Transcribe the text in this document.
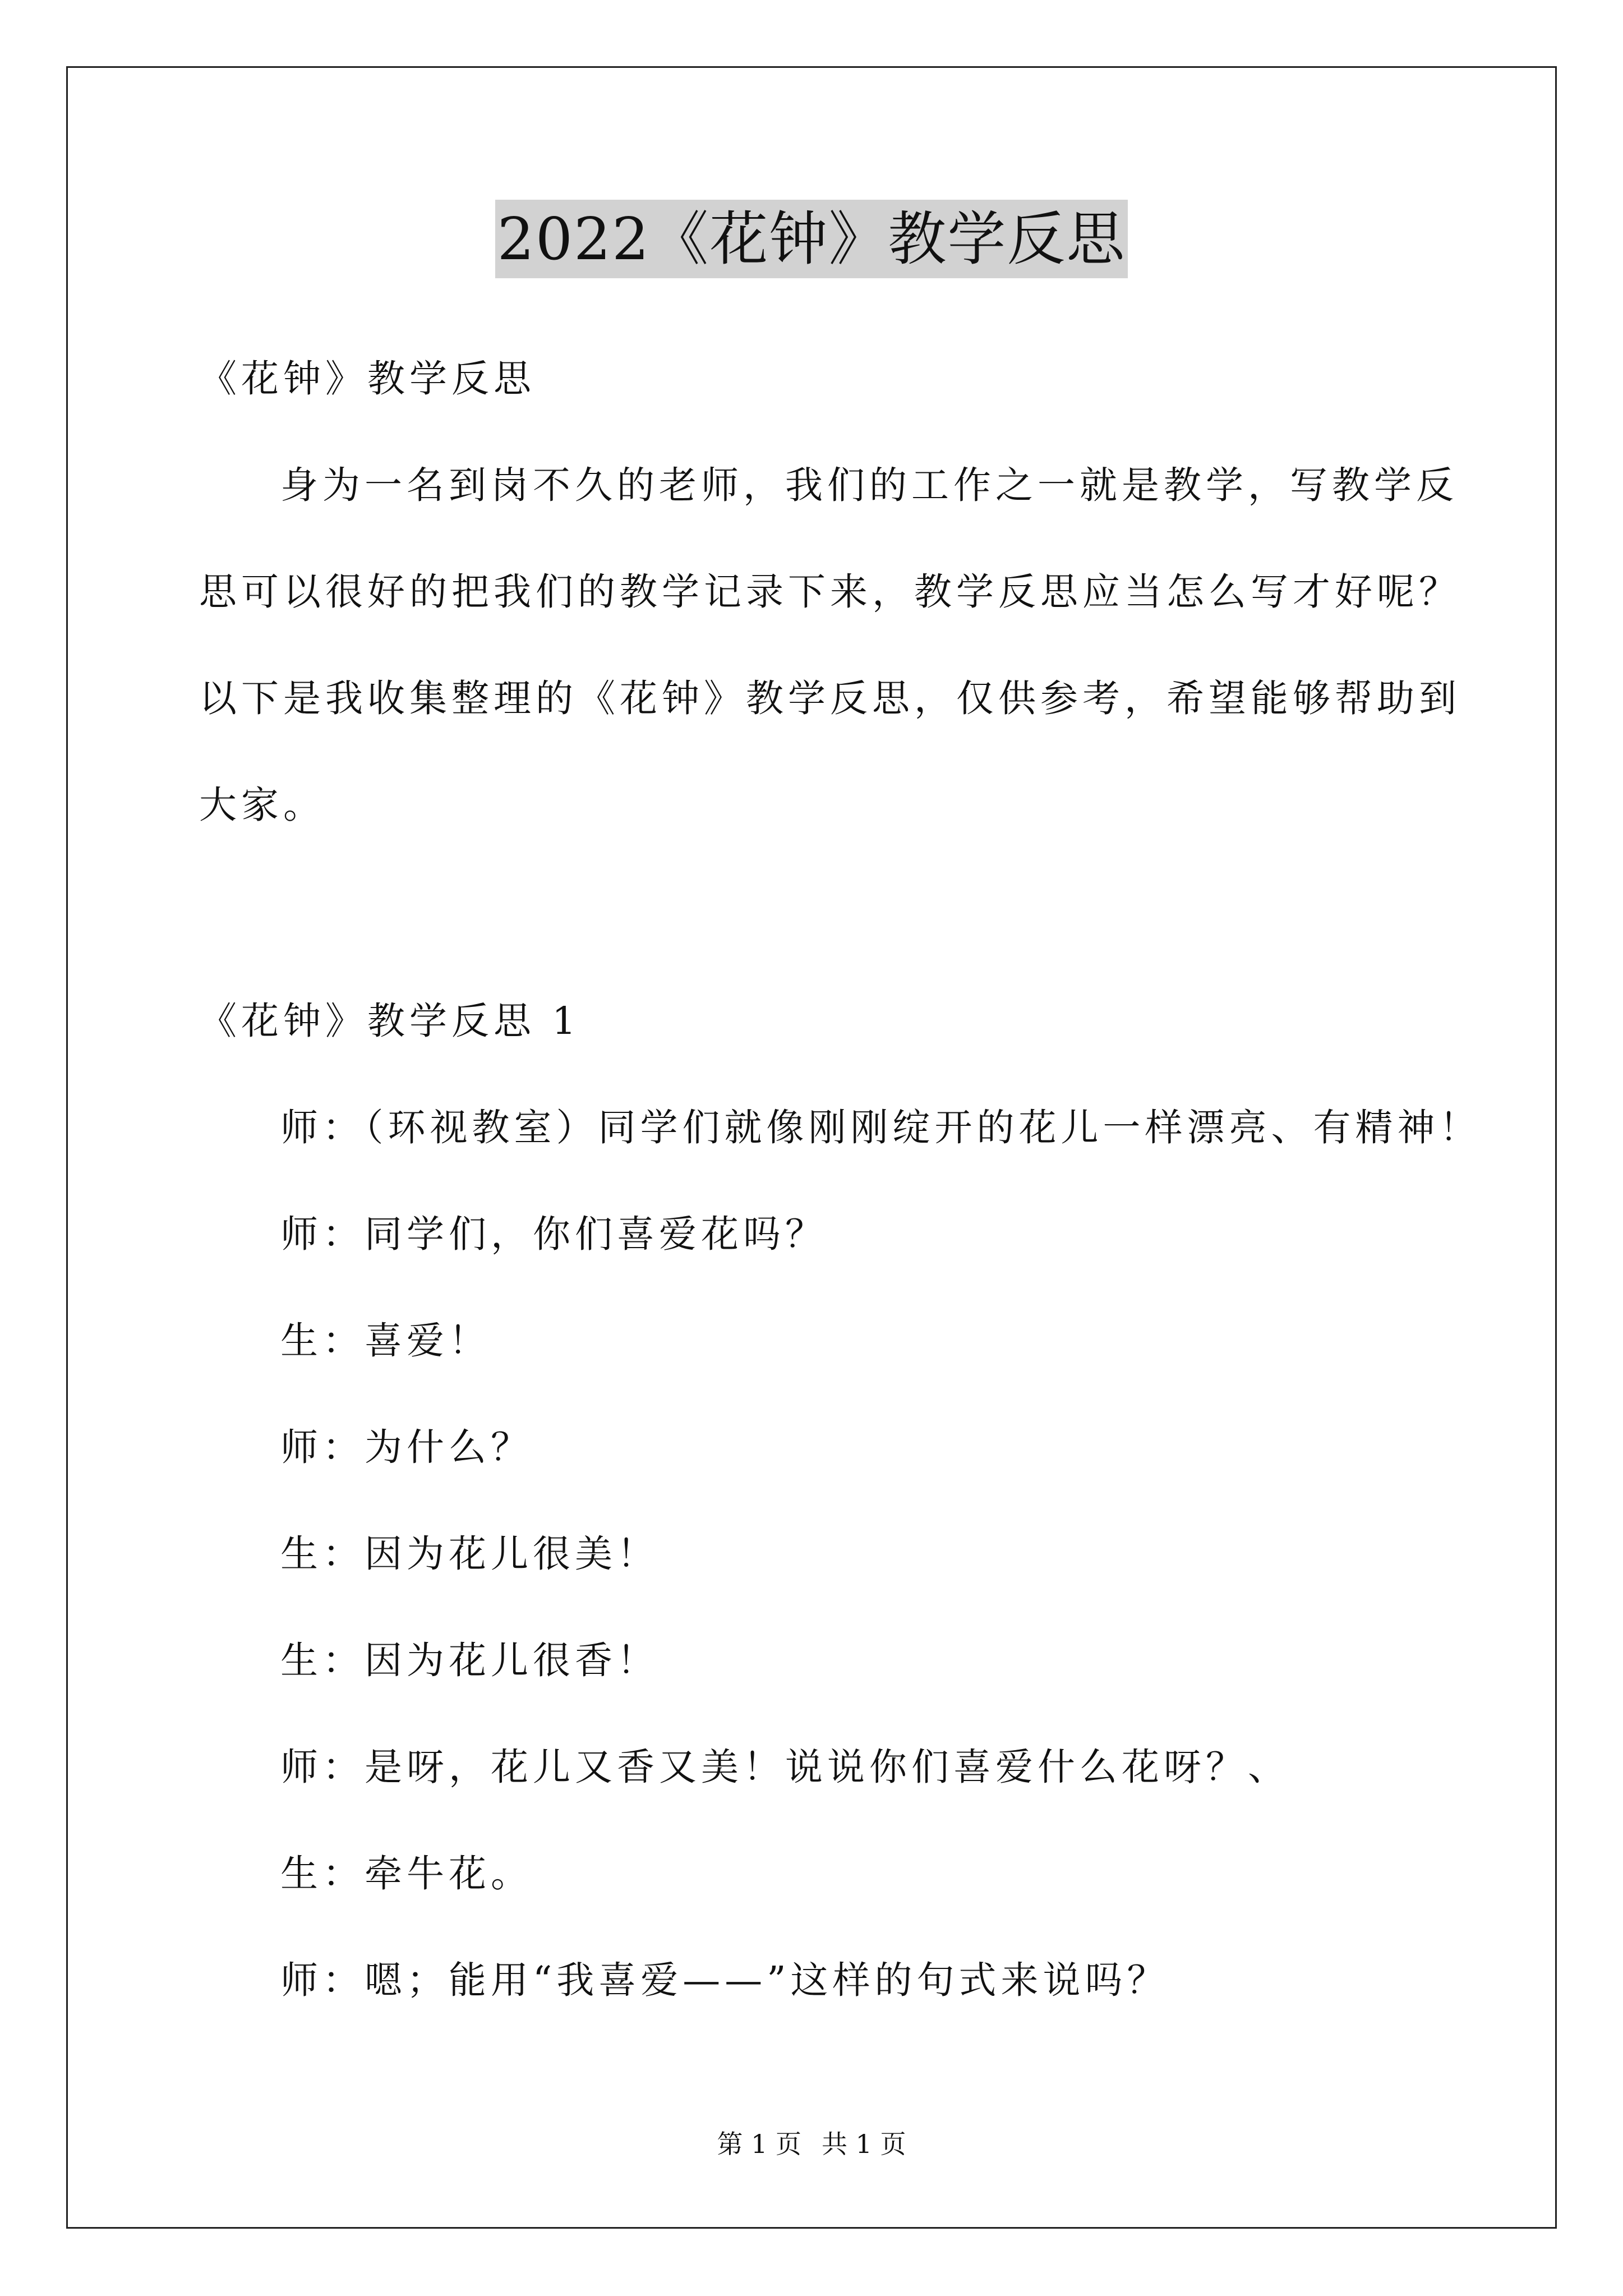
2022《花钟》教学反思
《花钟》教学反思
身为一名到岗不久的老师，我们的工作之一就是教学，写教学反
思可以很好的把我们的教学记录下来，教学反思应当怎么写才好呢？
以下是我收集整理的《花钟》教学反思，仅供参考，希望能够帮助到
大家。
《花钟》教学反思 1
师：（环视教室）同学们就像刚刚绽开的花儿一样漂亮、有精神！
师：同学们，你们喜爱花吗？
生：喜爱！
师：为什么？
生：因为花儿很美！
生：因为花儿很香！
师：是呀，花儿又香又美！说说你们喜爱什么花呀？、
生：牵牛花。
师：嗯；能用“我喜爱——”这样的句式来说吗？
第 1 页 共 1 页
